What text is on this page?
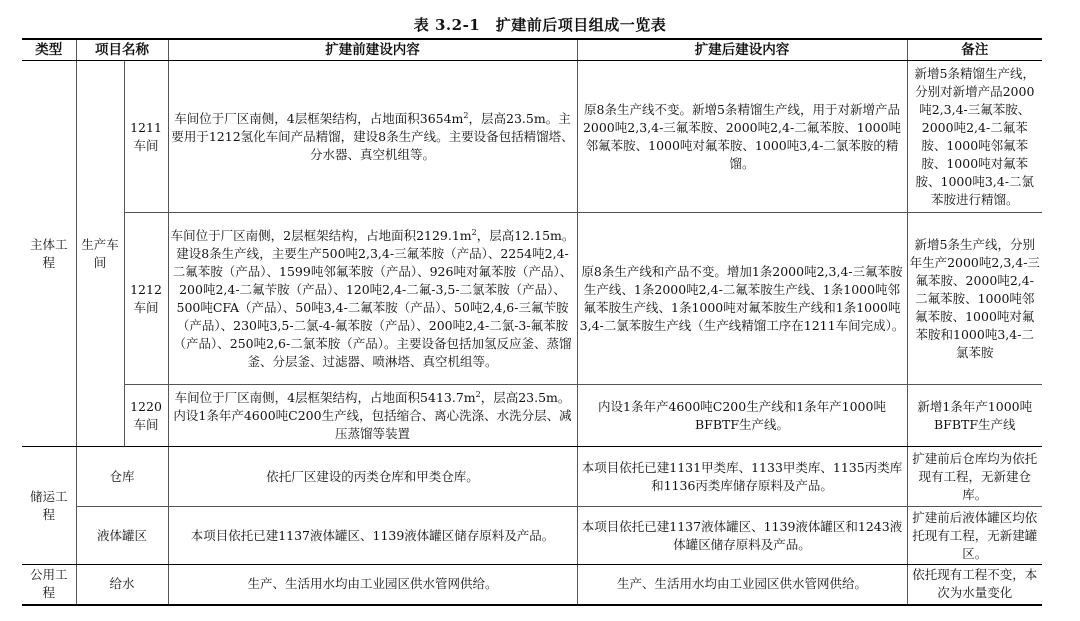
表 3.2-1　扩建前后项目组成一览表
类型	项目名称		扩建前建设内容	扩建后建设内容	备注
主体工程	生产车间	1211车间	车间位于厂区南侧，4层框架结构，占地面积$3654m^2$，层高23.5m。主要用于1212氢化车间产品精馏，建设8条生产线。主要设备包括精馏塔、分水器、真空机组等。	原8条生产线不变。新增5条精馏生产线，用于对新增产品2000吨2,3,4-三氟苯胺、2000吨2,4-二氟苯胺、1000吨邻氟苯胺、1000吨对氟苯胺、1000吨3,4-二氯苯胺的精馏。	新增5条精馏生产线，分别对新增产品2000吨2,3,4-三氟苯胺、2000吨2,4-二氟苯胺、1000吨邻氟苯胺、1000吨对氟苯胺、1000吨3,4-二氯苯胺进行精馏。
		1212车间	车间位于厂区南侧，2层框架结构，占地面积$2129.1m^2$，层高12.15m。建设8条生产线，主要生产500吨2,3,4-三氟苯胺（产品）、2254吨2,4-二氟苯胺（产品）、1599吨邻氟苯胺（产品）、926吨对氟苯胺（产品）、200吨2,4-二氟苄胺（产品）、120吨2,4-二氟-3,5-二氯苯胺（产品）、500吨CFA（产品）、50吨3,4-二氟苯胺（产品）、50吨2,4,6-三氟苄胺（产品）、230吨3,5-二氯-4-氟苯胺（产品）、200吨2,4-二氯-3-氟苯胺（产品）、250吨2,6-二氯苯胺（产品）。主要设备包括加氢反应釜、蒸馏釜、分层釜、过滤器、喷淋塔、真空机组等。	原8条生产线和产品不变。增加1条2000吨2,3,4-三氟苯胺生产线、1条2000吨2,4-二氟苯胺生产线、1条1000吨邻氟苯胺生产线、1条1000吨对氟苯胺生产线和1条1000吨3,4-二氯苯胺生产线（生产线精馏工序在1211车间完成）。	新增5条生产线，分别年生产2000吨2,3,4-三氟苯胺、2000吨2,4-二氟苯胺、1000吨邻氟苯胺、1000吨对氟苯胺和1000吨3,4-二氯苯胺
		1220车间	车间位于厂区南侧，4层框架结构，占地面积$5413.7m^2$，层高23.5m。内设1条年产4600吨C200生产线，包括缩合、离心洗涤、水洗分层、减压蒸馏等装置	内设1条年产4600吨C200生产线和1条年产1000吨BFBTF生产线。	新增1条年产1000吨BFBTF生产线
储运工程	仓库		依托厂区建设的丙类仓库和甲类仓库。	本项目依托已建1131甲类库、1133甲类库、1135丙类库和1136丙类库储存原料及产品。	扩建前后仓库均为依托现有工程，无新建仓库。
	液体罐区		本项目依托已建1137液体罐区、1139液体罐区储存原料及产品。	本项目依托已建1137液体罐区、1139液体罐区和1243液体罐区储存原料及产品。	扩建前后液体罐区均依托现有工程，无新建罐区。
公用工程	给水		生产、生活用水均由工业园区供水管网供给。	生产、生活用水均由工业园区供水管网供给。	依托现有工程不变，本次为水量变化
